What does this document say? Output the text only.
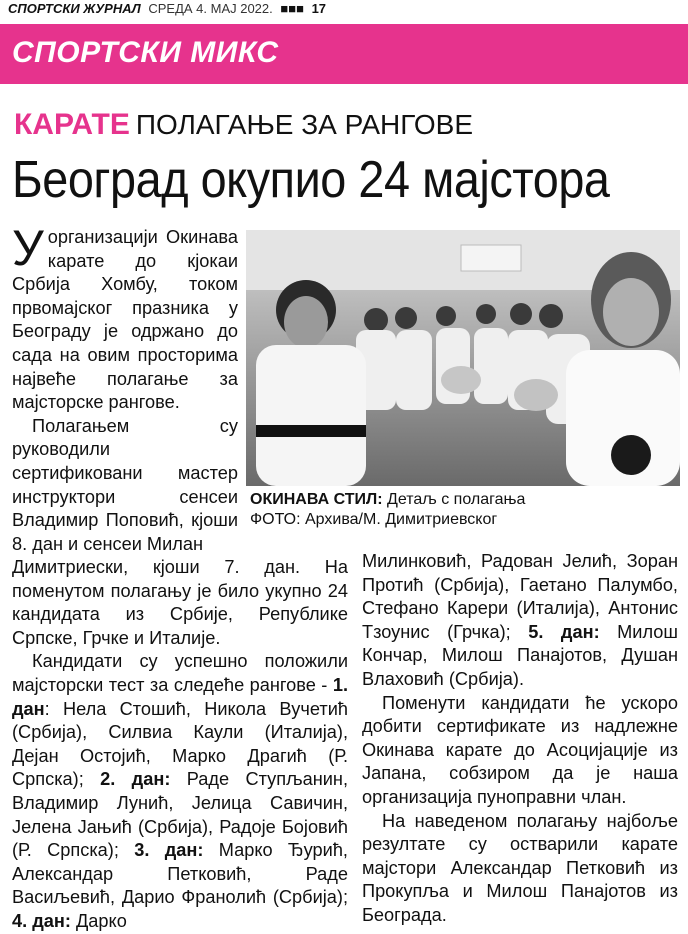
СПОРТСКИ ЖУРНАЛ СРЕДА 4. МАЈ 2022. ■■■ 17
СПОРТСКИ МИКС
КАРАТЕ ПОЛАГАЊЕ ЗА РАНГОВЕ
Београд окупио 24 мајстора

У организацији Окинава карате до кјокаи Србија Хомбу, током првомајског празника у Београду је одржано до сада на овим просторима највеће полагање за мајсторске рангове.

Полагањем су руководили сертификовани мастер инструктори сенсеи Владимир Поповић, кјоши 8. дан и сенсеи Милан

ОКИНАВА СТИЛ: Детаљ с полагања
ФОТО: Архива/М. Димитриевског

Димитриески, кјоши 7. дан. На поменутом полагању је било укупно 24 кандидата из Србије, Републике Српске, Грчке и Италије.

Кандидати су успешно положили мајсторски тест за следеће рангове - 1. дан: Нела Стошић, Никола Вучетић (Србија), Силвиа Каули (Италија), Дејан Остојић, Марко Драгић (Р. Српска); 2. дан: Раде Ступљанин, Владимир Лунић, Јелица Савичин, Јелена Јањић (Србија), Радоје Бојовић (Р. Српска); 3. дан: Марко Ђурић, Александар Петковић, Раде Васиљевић, Дарио Франолић (Србија); 4. дан: Дарко

Милинковић, Радован Јелић, Зоран Протић (Србија), Гаетано Палумбо, Стефано Карери (Италија), Антонис Тзоунис (Грчка); 5. дан: Милош Кончар, Милош Панајотов, Душан Влаховић (Србија).

Поменути кандидати ће ускоро добити сертификате из надлежне Окинава карате до Асоцијације из Јапана, собзиром да је наша организација пуноправни члан.

На наведеном полагању најбоље резултате су остварили карате мајстори Александар Петковић из Прокупља и Милош Панајотов из Београда.
